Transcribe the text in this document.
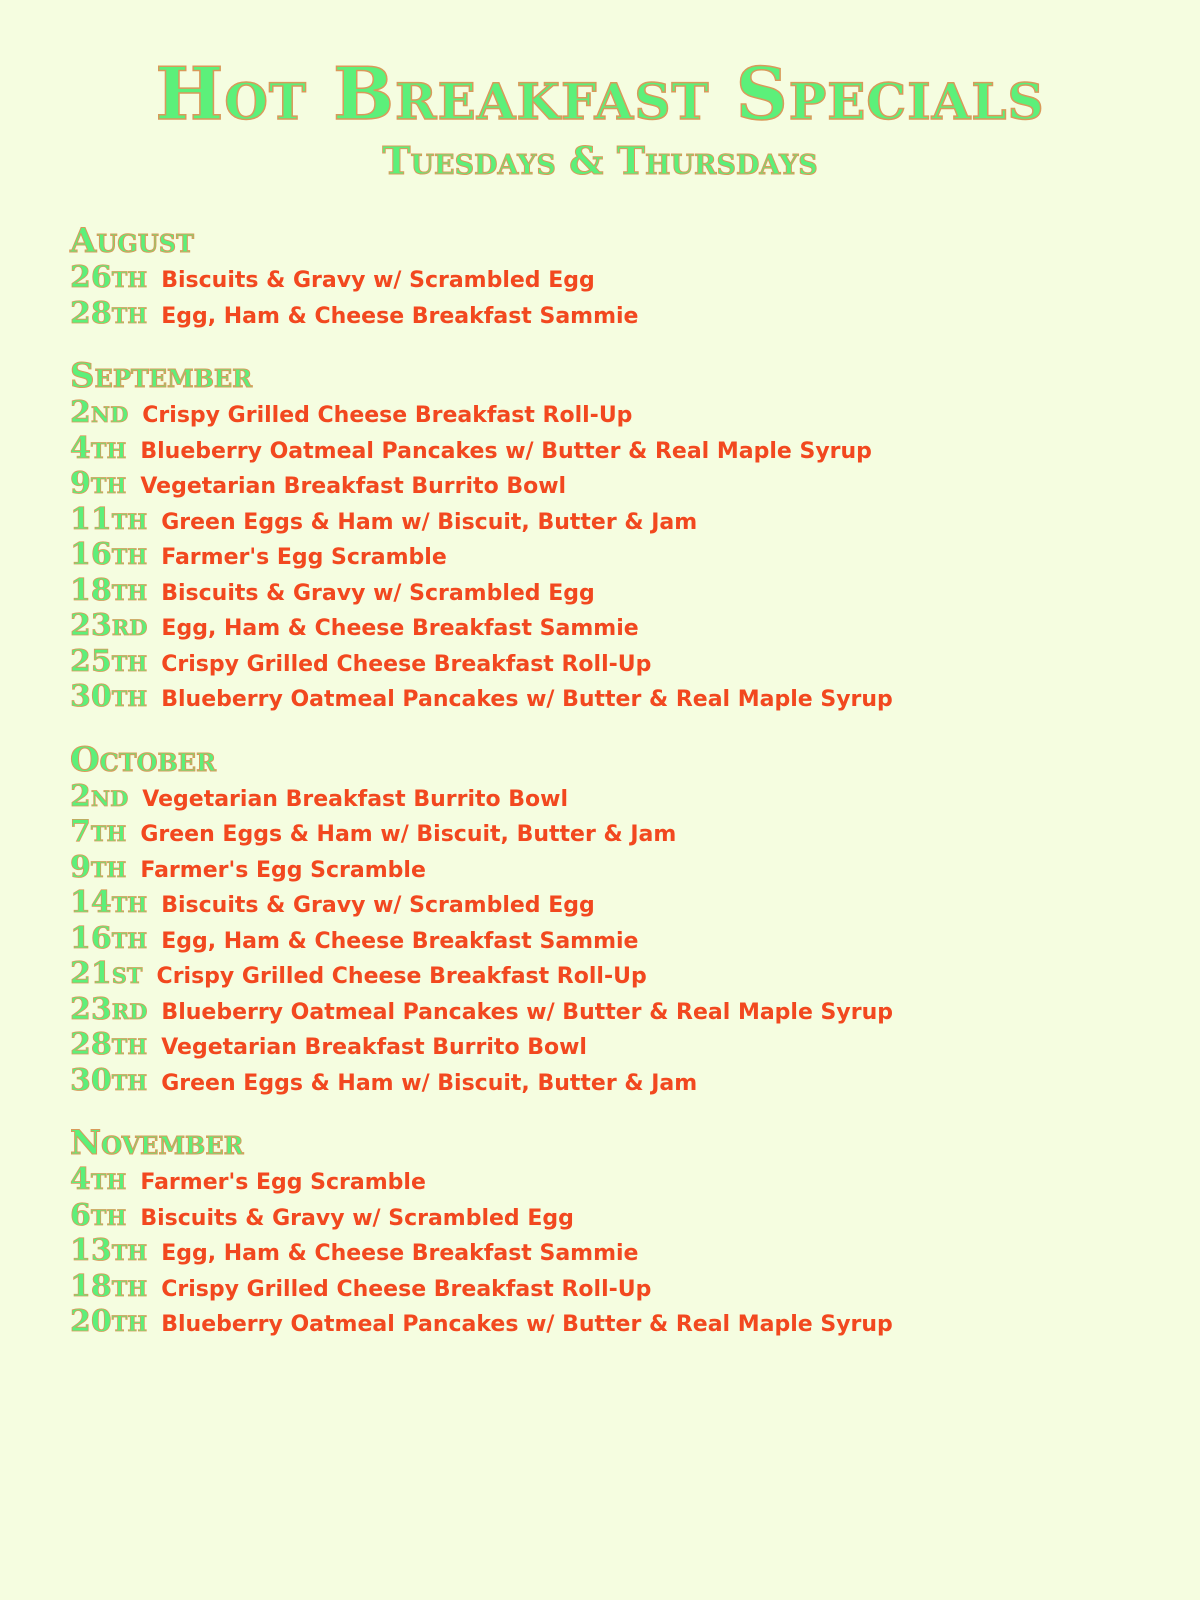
Hot Breakfast Specials
Tuesdays & Thursdays
August
26th Biscuits & Gravy w/ Scrambled Egg
28th Egg, Ham & Cheese Breakfast Sammie
September
2nd Crispy Grilled Cheese Breakfast Roll-Up
4th Blueberry Oatmeal Pancakes w/ Butter & Real Maple Syrup
9th Vegetarian Breakfast Burrito Bowl
11th Green Eggs & Ham w/ Biscuit, Butter & Jam
16th Farmer's Egg Scramble
18th Biscuits & Gravy w/ Scrambled Egg
23rd Egg, Ham & Cheese Breakfast Sammie
25th Crispy Grilled Cheese Breakfast Roll-Up
30th Blueberry Oatmeal Pancakes w/ Butter & Real Maple Syrup
October
2nd Vegetarian Breakfast Burrito Bowl
7th Green Eggs & Ham w/ Biscuit, Butter & Jam
9th Farmer's Egg Scramble
14th Biscuits & Gravy w/ Scrambled Egg
16th Egg, Ham & Cheese Breakfast Sammie
21st Crispy Grilled Cheese Breakfast Roll-Up
23rd Blueberry Oatmeal Pancakes w/ Butter & Real Maple Syrup
28th Vegetarian Breakfast Burrito Bowl
30th Green Eggs & Ham w/ Biscuit, Butter & Jam
November
4th Farmer's Egg Scramble
6th Biscuits & Gravy w/ Scrambled Egg
13th Egg, Ham & Cheese Breakfast Sammie
18th Crispy Grilled Cheese Breakfast Roll-Up
20th Blueberry Oatmeal Pancakes w/ Butter & Real Maple Syrup
